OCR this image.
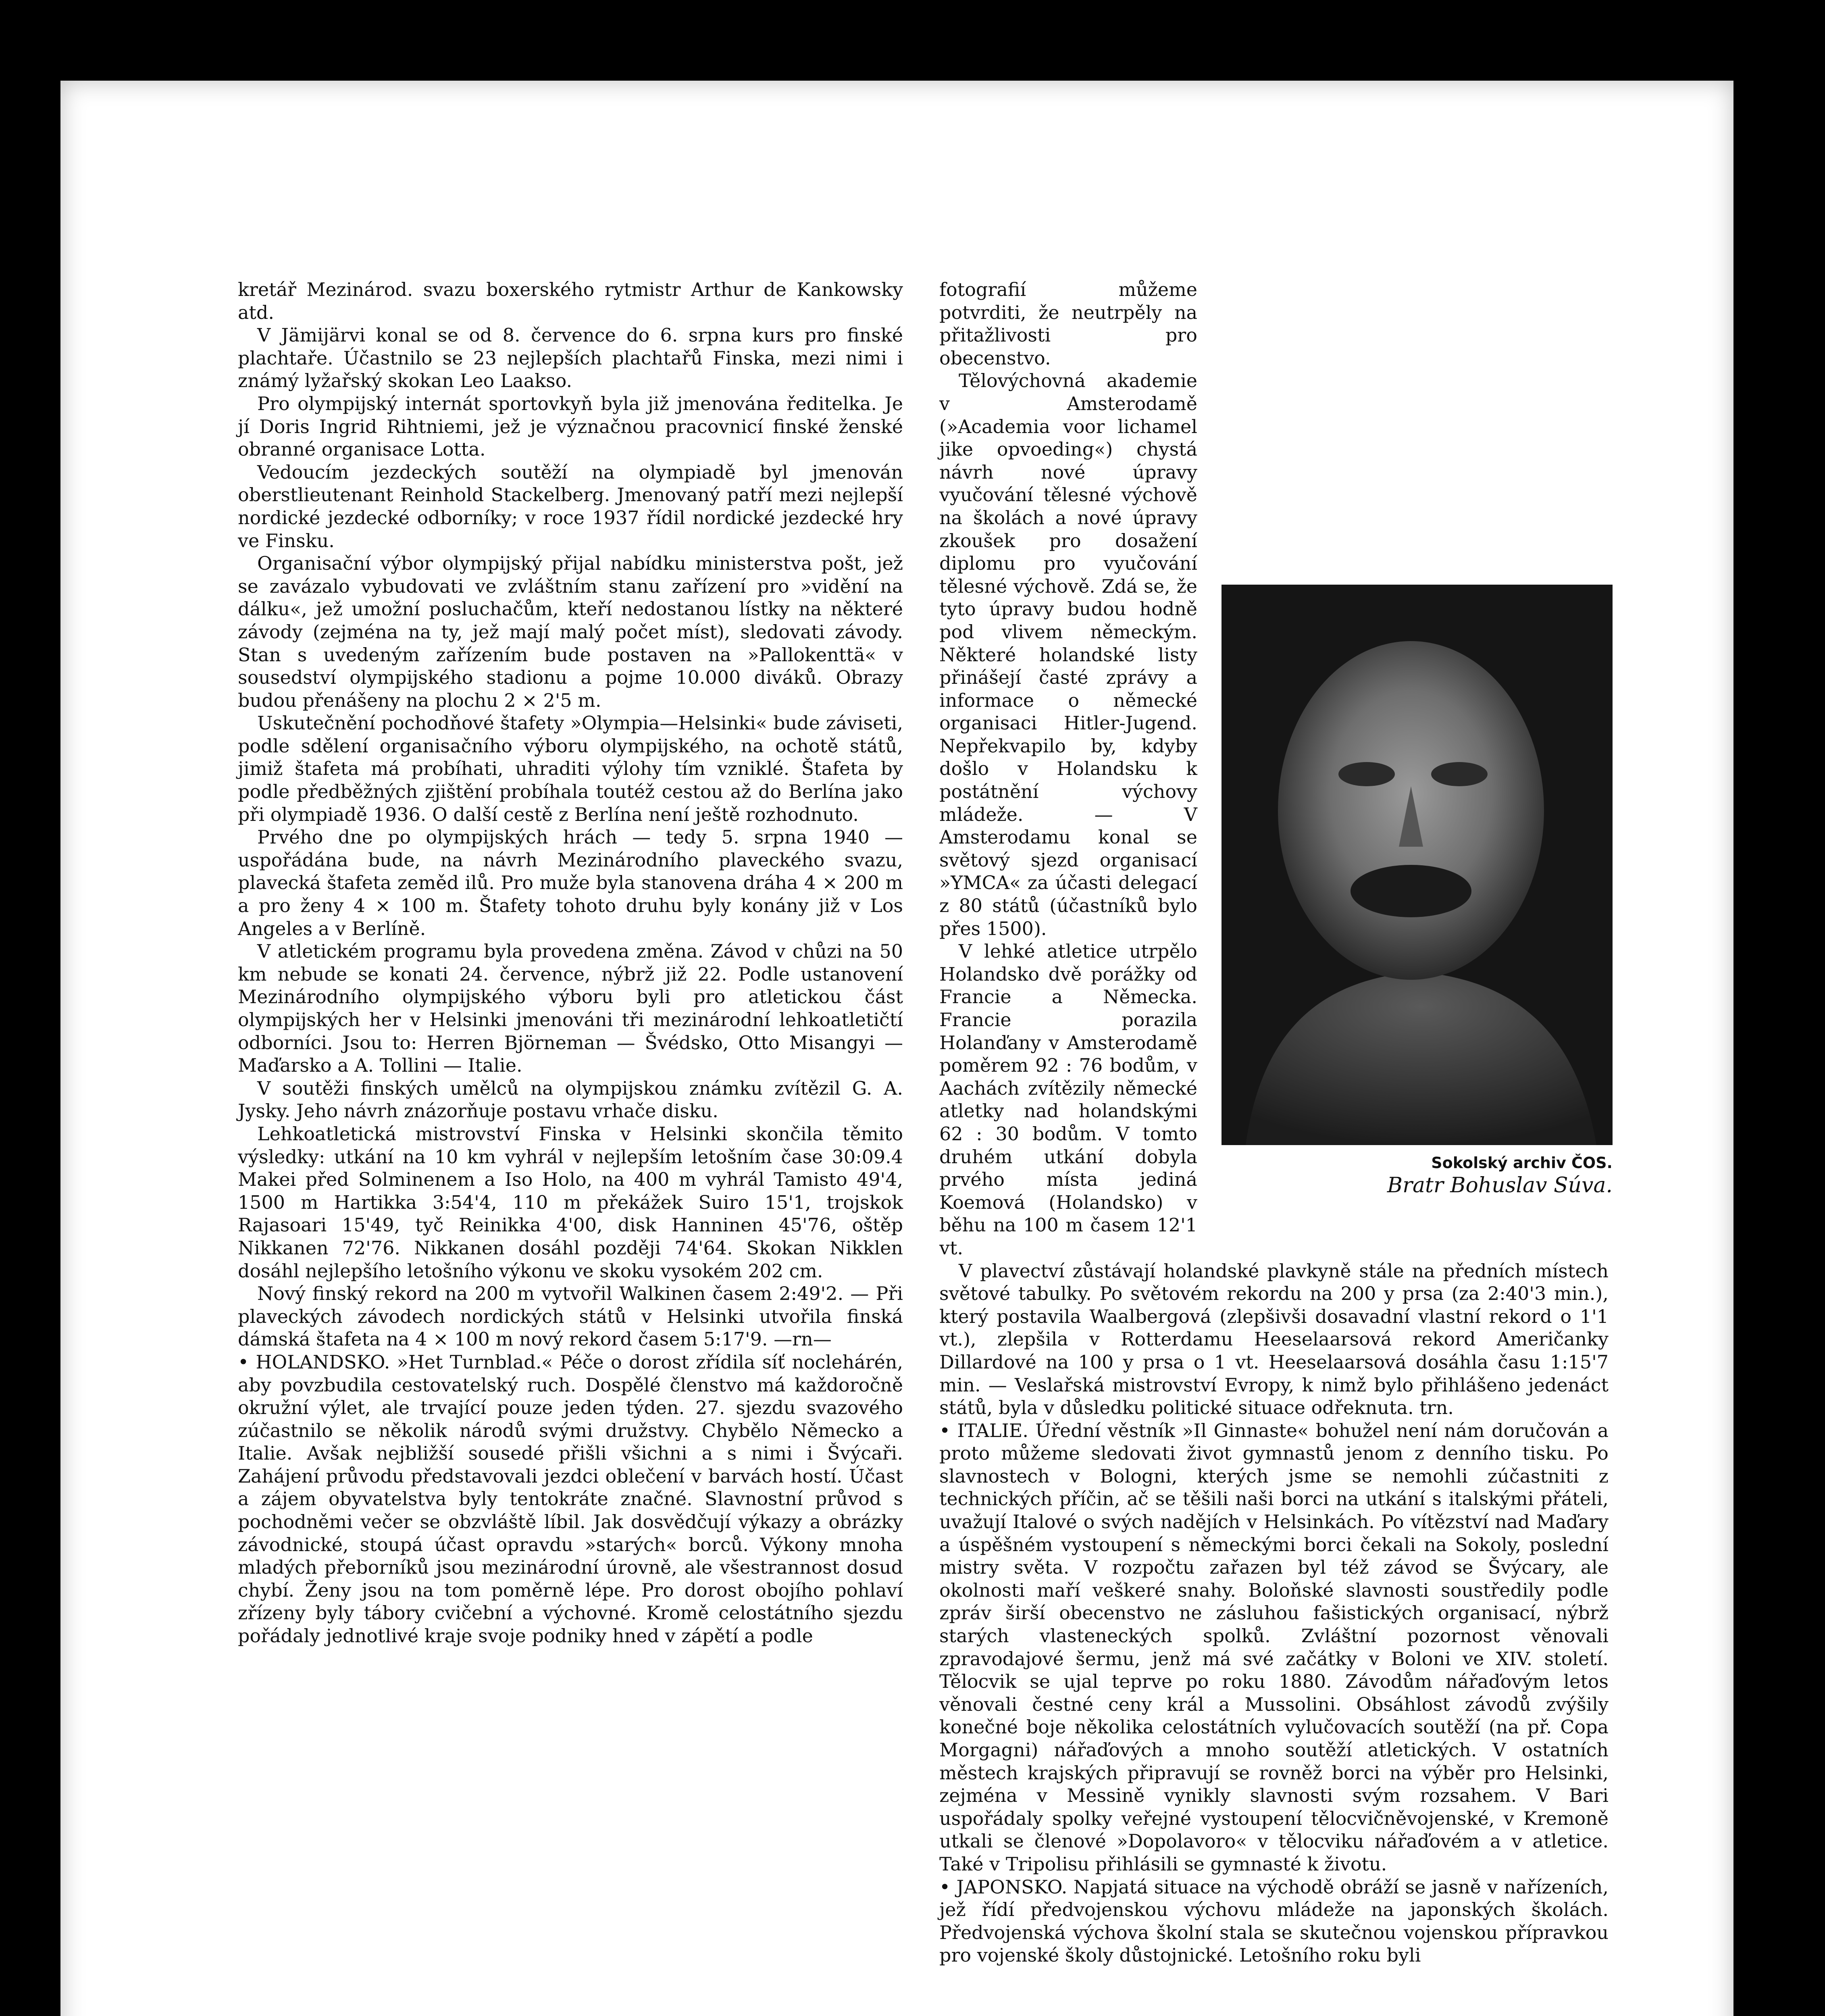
kretář Mezinárod. svazu boxerského rytmistr Arthur de Kankowsky atd.

V Jämijärvi konal se od 8. července do 6. srpna kurs pro finské plachtaře. Účastnilo se 23 nejlepších plachtařů Finska, mezi nimi i známý lyžařský skokan Leo Laakso.

Pro olympijský internát sportovkyň byla již jmenována ředitelka. Je jí Doris Ingrid Rihtniemi, jež je význačnou pracovnicí finské ženské obranné organisace Lotta.

Vedoucím jezdeckých soutěží na olympiadě byl jmenován oberstlieutenant Reinhold Stackelberg. Jmenovaný patří mezi nejlepší nordické jezdecké odborníky; v roce 1937 řídil nordické jezdecké hry ve Finsku.

Organisační výbor olympijský přijal nabídku ministerstva pošt, jež se zavázalo vybudovati ve zvláštním stanu zařízení pro »vidění na dálku«, jež umožní posluchačům, kteří nedostanou lístky na některé závody (zejména na ty, jež mají malý počet míst), sledovati závody. Stan s uvedeným zařízením bude postaven na »Pallokenttä« v sousedství olympijského stadionu a pojme 10.000 diváků. Obrazy budou přenášeny na plochu 2 × 2'5 m.

Uskutečnění pochodňové štafety »Olympia—Helsinki« bude záviseti, podle sdělení organisačního výboru olympijského, na ochotě států, jimiž štafeta má probíhati, uhraditi výlohy tím vzniklé. Štafeta by podle předběžných zjištění probíhala toutéž cestou až do Berlína jako při olympiadě 1936. O další cestě z Berlína není ještě rozhodnuto.

Prvého dne po olympijských hrách — tedy 5. srpna 1940 — uspořádána bude, na návrh Mezinárodního plaveckého svazu, plavecká štafeta zeměd ilů. Pro muže byla stanovena dráha 4 × 200 m a pro ženy 4 × 100 m. Štafety tohoto druhu byly konány již v Los Angeles a v Berlíně.

V atletickém programu byla provedena změna. Závod v chůzi na 50 km nebude se konati 24. července, nýbrž již 22. Podle ustanovení Mezinárodního olympijského výboru byli pro atletickou část olympijských her v Helsinki jmenováni tři mezinárodní lehkoatletičtí odborníci. Jsou to: Herren Björneman — Švédsko, Otto Misangyi — Maďarsko a A. Tollini — Italie.

V soutěži finských umělců na olympijskou známku zvítězil G. A. Jysky. Jeho návrh znázorňuje postavu vrhače disku.

Lehkoatletická mistrovství Finska v Helsinki skončila těmito výsledky: utkání na 10 km vyhrál v nejlepším letošním čase 30:09.4 Makei před Solminenem a Iso Holo, na 400 m vyhrál Tamisto 49'4, 1500 m Hartikka 3:54'4, 110 m překážek Suiro 15'1, trojskok Rajasoari 15'49, tyč Reinikka 4'00, disk Hanninen 45'76, oštěp Nikkanen 72'76. Nikkanen dosáhl později 74'64. Skokan Nikklen dosáhl nejlepšího letošního výkonu ve skoku vysokém 202 cm.

Nový finský rekord na 200 m vytvořil Walkinen časem 2:49'2. — Při plaveckých závodech nordických států v Helsinki utvořila finská dámská štafeta na 4 × 100 m nový rekord časem 5:17'9. —rn—

• HOLANDSKO. »Het Turnblad.« Péče o dorost zřídila síť noclehárén, aby povzbudila cestovatelský ruch. Dospělé členstvo má každoročně okružní výlet, ale trvající pouze jeden týden. 27. sjezdu svazového zúčastnilo se několik národů svými družstvy. Chybělo Německo a Italie. Avšak nejbližší sousedé přišli všichni a s nimi i Švýcaři. Zahájení průvodu představovali jezdci oblečení v barvách hostí. Účast a zájem obyvatelstva byly tentokráte značné. Slavnostní průvod s pochodněmi večer se obzvláště líbil. Jak dosvědčují výkazy a obrázky závodnické, stoupá účast opravdu »starých« borců. Výkony mnoha mladých přeborníků jsou mezinárodní úrovně, ale všestrannost dosud chybí. Ženy jsou na tom poměrně lépe. Pro dorost obojího pohlaví zřízeny byly tábory cvičební a výchovné. Kromě celostátního sjezdu pořádaly jednotlivé kraje svoje podniky hned v zápětí a podle

fotografií můžeme potvrditi, že neutrpěly na přitažlivosti pro obecenstvo.

Tělovýchovná akademie v Amsterodamě (»Academia voor lichamel jike opvoeding«) chystá návrh nové úpravy vyučování tělesné výchově na školách a nové úpravy zkoušek pro dosažení diplomu pro vyučování tělesné výchově. Zdá se, že tyto úpravy budou hodně pod vlivem německým. Některé holandské listy přinášejí časté zprávy a informace o německé organisaci Hitler-Jugend. Nepřekvapilo by, kdyby došlo v Holandsku k postátnění výchovy mládeže. — V Amsterodamu konal se světový sjezd organisací »YMCA« za účasti delegací z 80 států (účastníků bylo přes 1500).

V lehké atletice utrpělo Holandsko dvě porážky od Francie a Německa. Francie porazila Holanďany v Amsterodamě poměrem 92 : 76 bodům, v Aachách zvítězily německé atletky nad holandskými 62 : 30 bodům. V tomto druhém utkání dobyla prvého místa jediná Koemová (Holandsko) v běhu na 100 m časem 12'1 vt.

V plavectví zůstávají holandské plavkyně stále na předních místech světové tabulky. Po světovém rekordu na 200 y prsa (za 2:40'3 min.), který postavila Waalbergová (zlepšivši dosavadní vlastní rekord o 1'1 vt.), zlepšila v Rotterdamu Heeselaarsová rekord Američanky Dillardové na 100 y prsa o 1 vt. Heeselaarsová dosáhla času 1:15'7 min. — Veslařská mistrovství Evropy, k nimž bylo přihlášeno jedenáct států, byla v důsledku politické situace odřeknuta. trn.

• ITALIE. Úřední věstník »Il Ginnaste« bohužel není nám doručován a proto můžeme sledovati život gymnastů jenom z denního tisku. Po slavnostech v Bologni, kterých jsme se nemohli zúčastniti z technických příčin, ač se těšili naši borci na utkání s italskými přáteli, uvažují Italové o svých nadějích v Helsinkách. Po vítězství nad Maďary a úspěšném vystoupení s německými borci čekali na Sokoly, poslední mistry světa. V rozpočtu zařazen byl též závod se Švýcary, ale okolnosti maří veškeré snahy. Boloňské slavnosti soustředily podle zpráv širší obecenstvo ne zásluhou fašistických organisací, nýbrž starých vlasteneckých spolků. Zvláštní pozornost věnovali zpravodajové šermu, jenž má své začátky v Boloni ve XIV. století. Tělocvik se ujal teprve po roku 1880. Závodům nářaďovým letos věnovali čestné ceny král a Mussolini. Obsáhlost závodů zvýšily konečné boje několika celostátních vylučovacích soutěží (na př. Copa Morgagni) nářaďových a mnoho soutěží atletických. V ostatních městech krajských připravují se rovněž borci na výběr pro Helsinki, zejména v Messině vynikly slavnosti svým rozsahem. V Bari uspořádaly spolky veřejné vystoupení tělocvičněvojenské, v Kremoně utkali se členové »Dopolavoro« v tělocviku nářaďovém a v atletice. Také v Tripolisu přihlásili se gymnasté k životu.

• JAPONSKO. Napjatá situace na východě obráží se jasně v nařízeních, jež řídí předvojenskou výchovu mládeže na japonských školách. Předvojenská výchova školní stala se skutečnou vojenskou přípravkou pro vojenské školy důstojnické. Letošního roku byli

Sokolský archiv ČOS.
Bratr Bohuslav Súva.
